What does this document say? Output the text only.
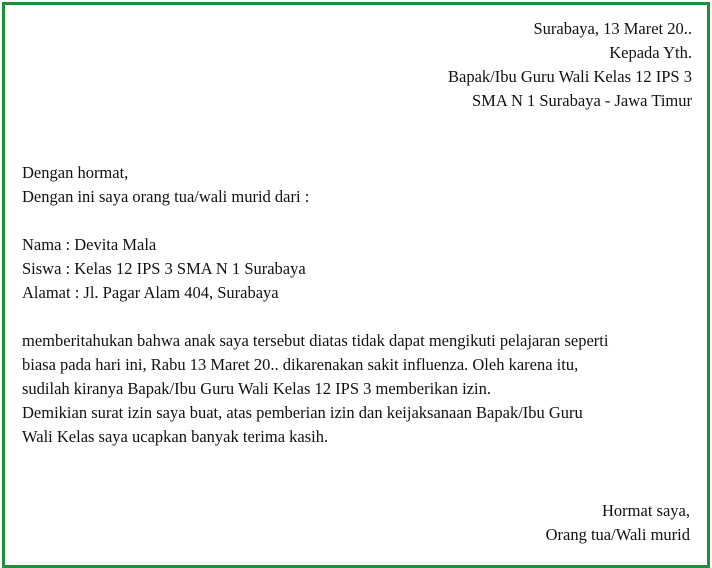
Surabaya, 13 Maret 20..
Kepada Yth.
Bapak/Ibu Guru Wali Kelas 12 IPS 3
SMA N 1 Surabaya - Jawa Timur
Dengan hormat,
Dengan ini saya orang tua/wali murid dari :
Nama : Devita Mala
Siswa : Kelas 12 IPS 3 SMA N 1 Surabaya
Alamat : Jl. Pagar Alam 404, Surabaya
memberitahukan bahwa anak saya tersebut diatas tidak dapat mengikuti pelajaran seperti
biasa pada hari ini, Rabu 13 Maret 20.. dikarenakan sakit influenza. Oleh karena itu,
sudilah kiranya Bapak/Ibu Guru Wali Kelas 12 IPS 3 memberikan izin.
Demikian surat izin saya buat, atas pemberian izin dan keijaksanaan Bapak/Ibu Guru
Wali Kelas saya ucapkan banyak terima kasih.
Hormat saya,
Orang tua/Wali murid
